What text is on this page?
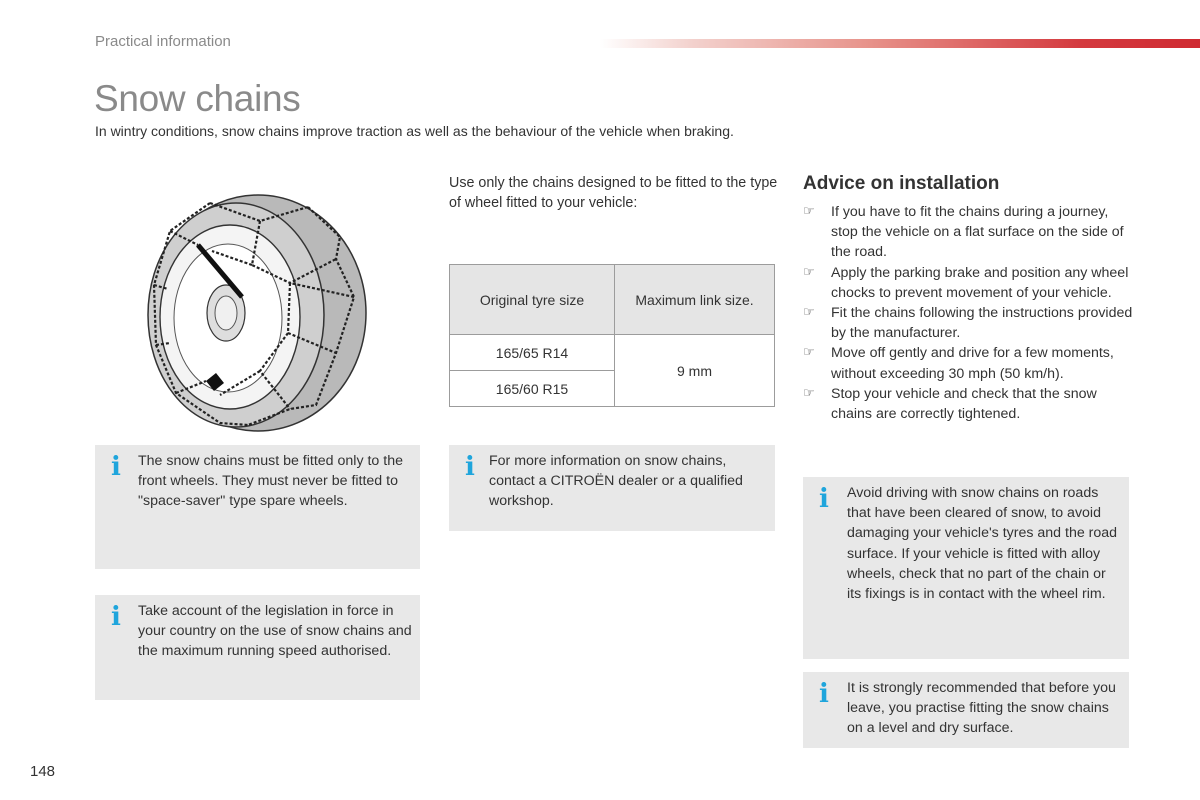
Practical information
Snow chains
In wintry conditions, snow chains improve traction as well as the behaviour of the vehicle when braking.
Use only the chains designed to be fitted to the type of wheel fitted to your vehicle:
Original tyre size	Maximum link size.

165/65 R14	9 mm
165/60 R15	
i The snow chains must be fitted only to the front wheels. They must never be fitted to "space-saver" type spare wheels.
i Take account of the legislation in force in your country on the use of snow chains and the maximum running speed authorised.
i For more information on snow chains, contact a CITROËN dealer or a qualified workshop.
Advice on installation
☞ If you have to fit the chains during a journey, stop the vehicle on a flat surface on the side of the road.
☞ Apply the parking brake and position any wheel chocks to prevent movement of your vehicle.
☞ Fit the chains following the instructions provided by the manufacturer.
☞ Move off gently and drive for a few moments, without exceeding 30 mph (50 km/h).
☞ Stop your vehicle and check that the snow chains are correctly tightened.
i Avoid driving with snow chains on roads that have been cleared of snow, to avoid damaging your vehicle's tyres and the road surface. If your vehicle is fitted with alloy wheels, check that no part of the chain or its fixings is in contact with the wheel rim.
i It is strongly recommended that before you leave, you practise fitting the snow chains on a level and dry surface.
148
